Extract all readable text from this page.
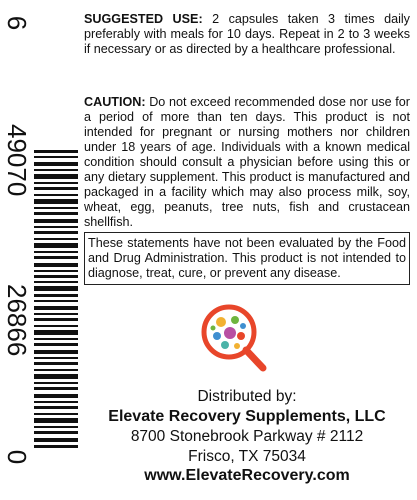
6
49070
26866
0

SUGGESTED USE: 2 capsules taken 3 times daily preferably with meals for 10 days. Repeat in 2 to 3 weeks if necessary or as directed by a healthcare professional.

CAUTION: Do not exceed recommended dose nor use for a period of more than ten days. This product is not intended for pregnant or nursing mothers nor children under 18 years of age. Individuals with a known medical condition should consult a physician before using this or any dietary supplement. This product is manufactured and packaged in a facility which may also process milk, soy, wheat, egg, peanuts, tree nuts, fish and crustacean shellfish.

These statements have not been evaluated by the Food and Drug Administration. This product is not intended to diagnose, treat, cure, or prevent any disease.

Distributed by:

Elevate Recovery Supplements, LLC

8700 Stonebrook Parkway # 2112

Frisco, TX 75034

www.ElevateRecovery.com
